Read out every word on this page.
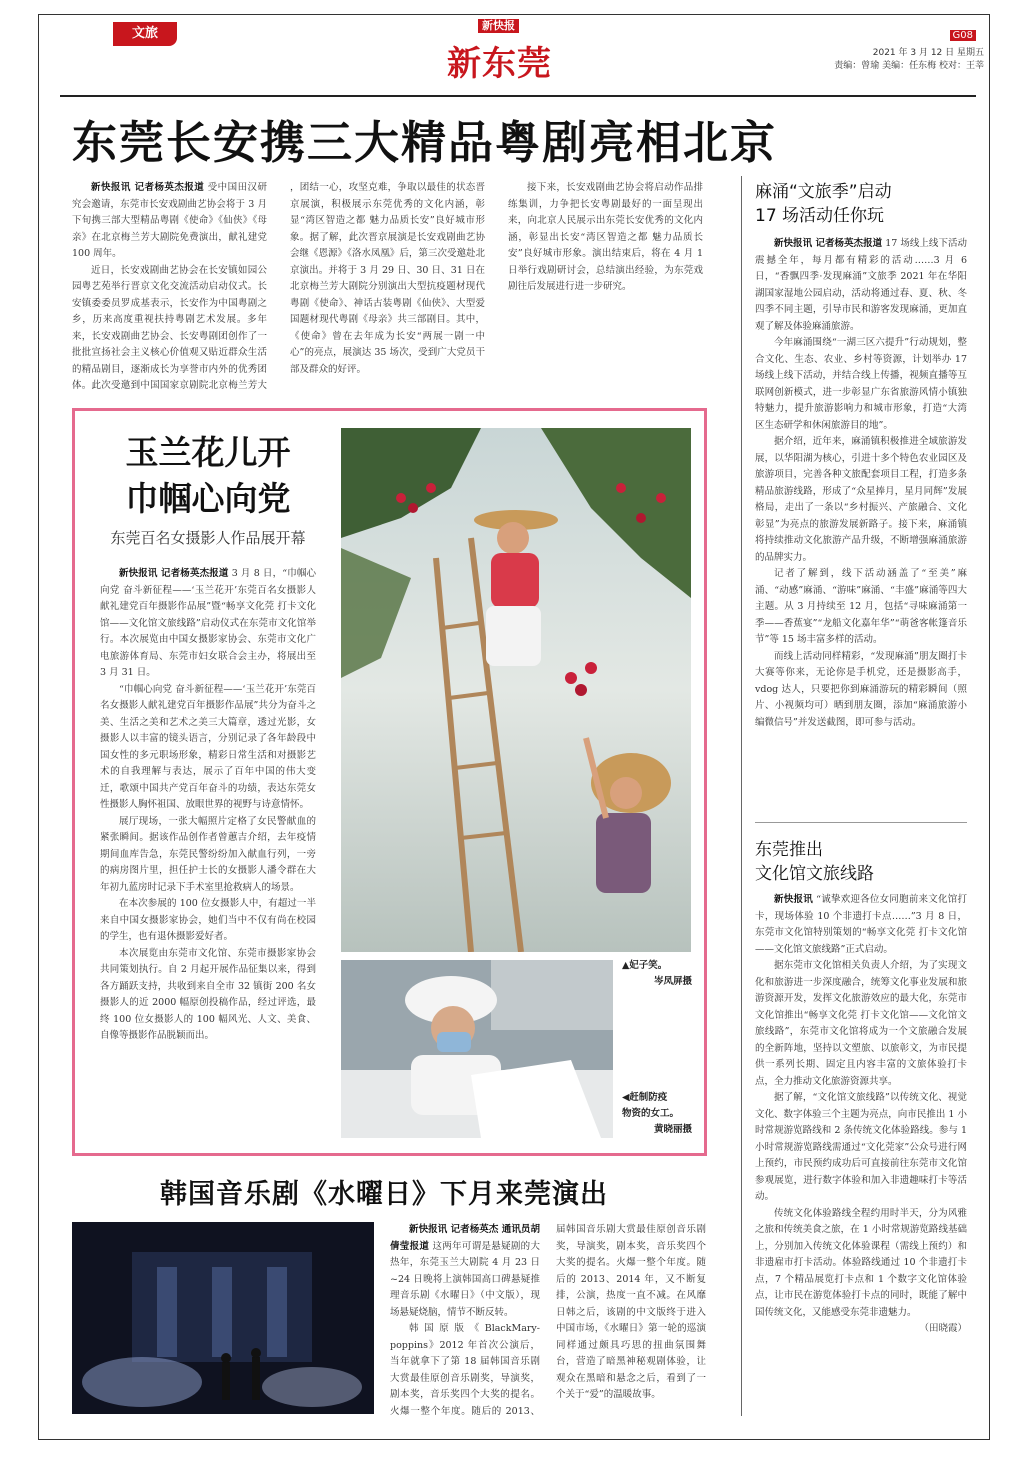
文旅
新快报
新东莞
G08
2021 年 3 月 12 日 星期五
责编：曾瑜 美编：任东梅 校对：王莘
东莞长安携三大精品粤剧亮相北京

新快报讯 记者杨英杰报道 受中国田汉研究会邀请，东莞市长安戏剧曲艺协会将于 3 月下旬携三部大型精品粤剧《使命》《仙侠》《母亲》在北京梅兰芳大剧院免费演出，献礼建党 100 周年。

近日，长安戏剧曲艺协会在长安镇如园公园粤艺苑举行晋京文化交流活动启动仪式。长安镇委委员罗成基表示，长安作为中国粤剧之乡，历来高度重视扶持粤剧艺术发展。多年来，长安戏剧曲艺协会、长安粤剧团创作了一批批宣扬社会主义核心价值观又贴近群众生活的精品剧目，逐渐成长为享誉市内外的优秀团体。此次受邀到中国国家京剧院北京梅兰芳大

，团结一心，攻坚克难，争取以最佳的状态晋京展演，积极展示东莞优秀的文化内涵，彰显“湾区智造之都 魅力品质长安”良好城市形象。据了解，此次晋京展演是长安戏剧曲艺协会继《恩源》《洛水凤凰》后，第三次受邀赴北京演出。并将于 3 月 29 日、30 日、31 日在北京梅兰芳大剧院分别演出大型抗疫题材现代粤剧《使命》、神话古装粤剧《仙侠》、大型爱国题材现代粤剧《母亲》共三部剧目。其中，《使命》曾在去年成为长安“两展一剧一中心”的亮点，展演达 35 场次，受到广大党员干部及群众的好评。

接下来，长安戏剧曲艺协会将启动作品排练集训，力争把长安粤剧最好的一面呈现出来，向北京人民展示出东莞长安优秀的文化内涵，彰显出长安“湾区智造之都 魅力品质长安”良好城市形象。演出结束后，将在 4 月 1 日举行戏剧研讨会，总结演出经验，为东莞戏剧往后发展进行进一步研究。

麻涌“文旅季”启动
17 场活动任你玩

新快报讯 记者杨英杰报道 17 场线上线下活动震撼全年，每月都有精彩的活动……3 月 6 日，“香飘四季·发现麻涌”文旅季 2021 年在华阳湖国家湿地公园启动，活动将通过春、夏、秋、冬四季不同主题，引导市民和游客发现麻涌，更加直观了解及体验麻涌旅游。

今年麻涌围绕“一湖三区六提升”行动规划，整合文化、生态、农业、乡村等资源，计划举办 17 场线上线下活动，并结合线上传播，视频直播等互联网创新模式，进一步彰显广东省旅游风情小镇独特魅力，提升旅游影响力和城市形象，打造“大湾区生态研学和休闲旅游目的地”。

据介绍，近年来，麻涌镇积极推进全域旅游发展，以华阳湖为核心，引进十多个特色农业园区及旅游项目，完善各种文旅配套项目工程，打造多条精品旅游线路，形成了“众星捧月，星月同辉”发展格局，走出了一条以“乡村振兴、产旅融合、文化彰显”为亮点的旅游发展新路子。接下来，麻涌镇将持续推动文化旅游产品升级，不断增强麻涌旅游的品牌实力。

记者了解到，线下活动涵盖了“至美”麻涌、“动感”麻涌、“游味”麻涌、“丰盛”麻涌等四大主题。从 3 月持续至 12 月，包括“寻味麻涌第一季——香蕉宴”“龙船文化嘉年华”“萌爸客帐篷音乐节”等 15 场丰富多样的活动。

而线上活动同样精彩，“发现麻涌”朋友圈打卡大赛等你来，无论你是手机党，还是摄影高手，vdog 达人，只要把你到麻涌游玩的精彩瞬间（照片、小视频均可）晒到朋友圈，添加“麻涌旅游小编微信号”并发送截图，即可参与活动。

东莞推出
文化馆文旅线路

新快报讯 “诚挚欢迎各位女同胞前来文化馆打卡，现场体验 10 个非遗打卡点……”3 月 8 日，东莞市文化馆特别策划的“畅享文化莞 打卡文化馆——文化馆文旅线路”正式启动。

据东莞市文化馆相关负责人介绍，为了实现文化和旅游进一步深度融合，统筹文化事业发展和旅游资源开发，发挥文化旅游效应的最大化，东莞市文化馆推出“畅享文化莞 打卡文化馆——文化馆文旅线路”，东莞市文化馆将成为一个文旅融合发展的全新阵地，坚持以文塑旅、以旅彰文，为市民提供一系列长期、固定且内容丰富的文旅体验打卡点，全力推动文化旅游资源共享。

据了解，“文化馆文旅线路”以传统文化、视觉文化、数字体验三个主题为亮点，向市民推出 1 小时常规游览路线和 2 条传统文化体验路线。参与 1 小时常规游览路线需通过“文化莞家”公众号进行网上预约，市民预约成功后可直接前往东莞市文化馆参观展览，进行数字体验和加入非遗趣味打卡等活动。

传统文化体验路线全程约用时半天，分为风雅之旅和传统美食之旅，在 1 小时常规游览路线基础上，分别加入传统文化体验课程（需线上预约）和非遗雇市打卡活动。体验路线通过 10 个非遗打卡点，7 个精品展览打卡点和 1 个数字文化馆体验点，让市民在游览体验打卡点的同时，既能了解中国传统文化，又能感受东莞非遗魅力。

（田晓霞）

玉兰花儿开
巾帼心向党
东莞百名女摄影人作品展开幕

新快报讯 记者杨英杰报道 3 月 8 日，“巾帼心向党 奋斗新征程——‘玉兰花开’东莞百名女摄影人献礼建党百年摄影作品展”暨“畅享文化莞 打卡文化馆——文化馆文旅线路”启动仪式在东莞市文化馆举行。本次展览由中国女摄影家协会、东莞市文化广电旅游体育局、东莞市妇女联合会主办，将展出至 3 月 31 日。

“巾帼心向党 奋斗新征程——‘玉兰花开’东莞百名女摄影人献礼建党百年摄影作品展”共分为奋斗之美、生活之美和艺术之美三大篇章，透过光影，女摄影人以丰富的镜头语言，分别记录了各年龄段中国女性的多元职场形象，精彩日常生活和对摄影艺术的自我理解与表达，展示了百年中国的伟大变迁，歌颂中国共产党百年奋斗的功绩，表达东莞女性摄影人胸怀祖国、放眼世界的视野与诗意情怀。

展厅现场，一张大幅照片定格了女民警献血的紧张瞬间。据该作品创作者曾蕙吉介绍，去年疫情期间血库告急，东莞民警纷纷加入献血行列，一旁的病房图片里，担任护士长的女摄影人潘令群在大年初九蓝房时记录下手术室里抢救病人的场景。

在本次参展的 100 位女摄影人中，有超过一半来自中国女摄影家协会，她们当中不仅有尚在校园的学生，也有退休摄影爱好者。

本次展览由东莞市文化馆、东莞市摄影家协会共同策划执行。自 2 月起开展作品征集以来，得到各方踊跃支持，共收到来自全市 32 镇街 200 名女摄影人的近 2000 幅原创投稿作品，经过评选，最终 100 位女摄影人的 100 幅风光、人文、美食、自像等摄影作品脱颖而出。

▲妃子笑。
岑凤屏摄
◀赶制防疫
物资的女工。
黄晓丽摄
韩国音乐剧《水曜日》下月来莞演出

新快报讯 记者杨英杰 通讯员胡倩莹报道 这两年可谓是悬疑剧的大热年，东莞玉兰大剧院 4 月 23 日~24 日晚将上演韩国高口碑悬疑推理音乐剧《水曜日》（中文版），现场悬疑烧脑，情节不断反转。

韩国原版《BlackMary-poppins》2012 年首次公演后，当年就拿下了第 18 届韩国音乐剧大赏最佳原创音乐剧奖，导演奖，剧本奖，音乐奖四个大奖的提名。火爆一整个年度。随后的 2013、

届韩国音乐剧大赏最佳原创音乐剧奖，导演奖，剧本奖，音乐奖四个大奖的提名。火爆一整个年度。随后的 2013、2014 年，又不断复排，公演，热度一直不减。在风靡日韩之后，该剧的中文版终于进入中国市场，《水曜日》第一轮的巡演同样通过颇具巧思的扭曲氛围舞台，营造了暗黑神秘观剧体验，让观众在黑暗和悬念之后，看到了一个关于“爱”的温暖故事。
